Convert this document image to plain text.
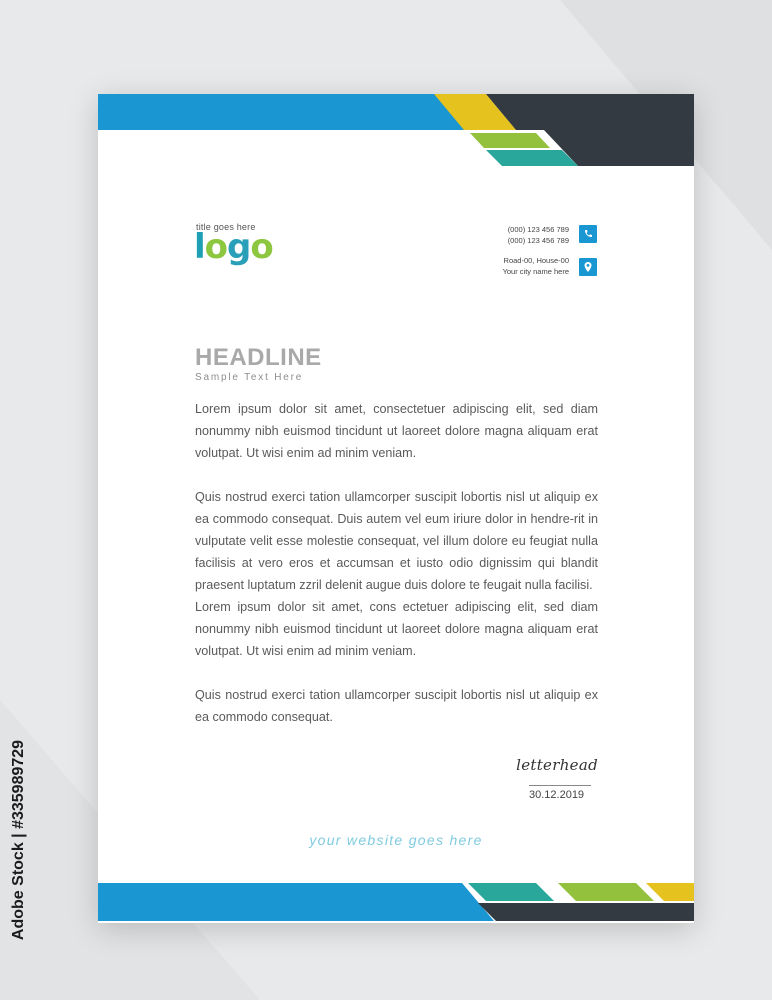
Adobe Stock | #335989729
title goes here
logo	(000) 123 456 789
(000) 123 456 789
Road-00, House-00
Your city name here
HEADLINE
Sample Text Here

Lorem ipsum dolor sit amet, consectetuer adipiscing elit, sed diam nonummy nibh euismod tincidunt ut laoreet dolore magna aliquam erat volutpat. Ut wisi enim ad minim veniam.

Quis nostrud exerci tation ullamcorper suscipit lobortis nisl ut aliquip ex ea commodo consequat. Duis autem vel eum iriure dolor in hendre-rit in vulputate velit esse molestie consequat, vel illum dolore eu feugiat nulla facilisis at vero eros et accumsan et iusto odio dignissim qui blandit praesent luptatum zzril delenit augue duis dolore te feugait nulla facilisi.

Lorem ipsum dolor sit amet, cons ectetuer adipiscing elit, sed diam nonummy nibh euismod tincidunt ut laoreet dolore magna aliquam erat volutpat. Ut wisi enim ad minim veniam.

Quis nostrud exerci tation ullamcorper suscipit lobortis nisl ut aliquip ex ea commodo consequat.

letterhead
30.12.2019
your website goes here
